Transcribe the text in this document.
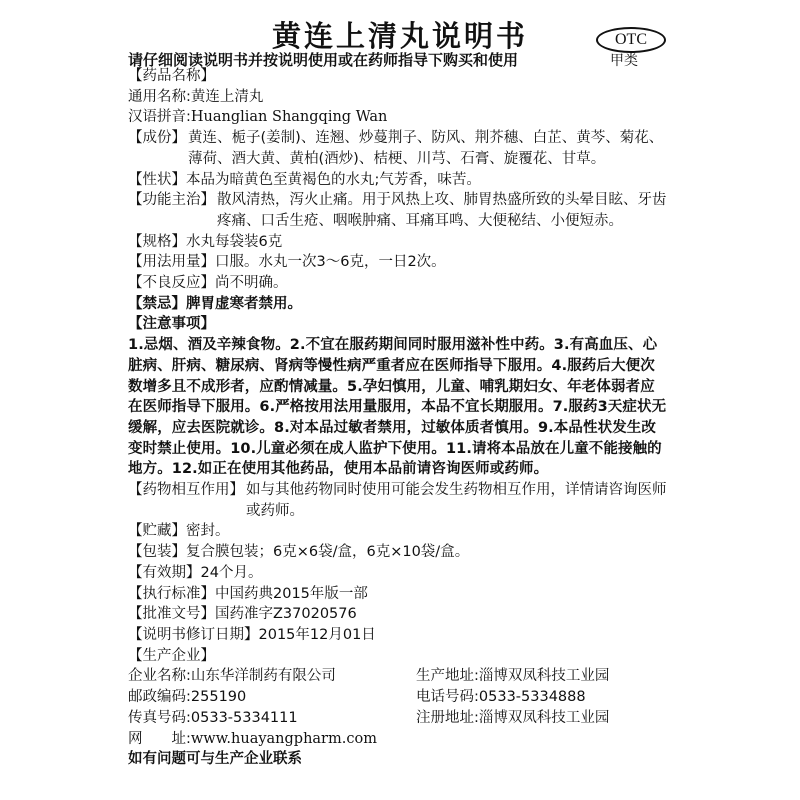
黄连上清丸说明书	OTC
甲类
请仔细阅读说明书并按说明使用或在药师指导下购买和使用

【药品名称】

通用名称:黄连上清丸

汉语拼音:Huanglian Shangqing Wan

【成份】 黄连、栀子(姜制)、连翘、炒蔓荆子、防风、荆芥穗、白芷、黄芩、菊花、薄荷、酒大黄、黄柏(酒炒)、桔梗、川芎、石膏、旋覆花、甘草。

【性状】本品为暗黄色至黄褐色的水丸;气芳香，味苦。

【功能主治】 散风清热，泻火止痛。用于风热上攻、肺胃热盛所致的头晕目眩、牙齿疼痛、口舌生疮、咽喉肿痛、耳痛耳鸣、大便秘结、小便短赤。

【规格】水丸每袋装6克

【用法用量】口服。水丸一次3～6克，一日2次。

【不良反应】尚不明确。

【禁忌】脾胃虚寒者禁用。

【注意事项】

1.忌烟、酒及辛辣食物。2.不宜在服药期间同时服用滋补性中药。3.有高血压、心脏病、肝病、糖尿病、肾病等慢性病严重者应在医师指导下服用。4.服药后大便次数增多且不成形者，应酌情减量。5.孕妇慎用，儿童、哺乳期妇女、年老体弱者应在医师指导下服用。6.严格按用法用量服用，本品不宜长期服用。7.服药3天症状无缓解，应去医院就诊。8.对本品过敏者禁用，过敏体质者慎用。9.本品性状发生改变时禁止使用。10.儿童必须在成人监护下使用。11.请将本品放在儿童不能接触的地方。12.如正在使用其他药品，使用本品前请咨询医师或药师。

【药物相互作用】 如与其他药物同时使用可能会发生药物相互作用，详情请咨询医师或药师。

【贮藏】密封。

【包装】复合膜包装；6克×6袋/盒，6克×10袋/盒。

【有效期】24个月。

【执行标准】中国药典2015年版一部

【批准文号】国药准字Z37020576

【说明书修订日期】2015年12月01日

【生产企业】

企业名称:山东华洋制药有限公司
邮政编码:255190
传真号码:0533-5334111
网　　址:www.huayangpharm.com
生产地址:淄博双凤科技工业园
电话号码:0533-5334888
注册地址:淄博双凤科技工业园

如有问题可与生产企业联系
